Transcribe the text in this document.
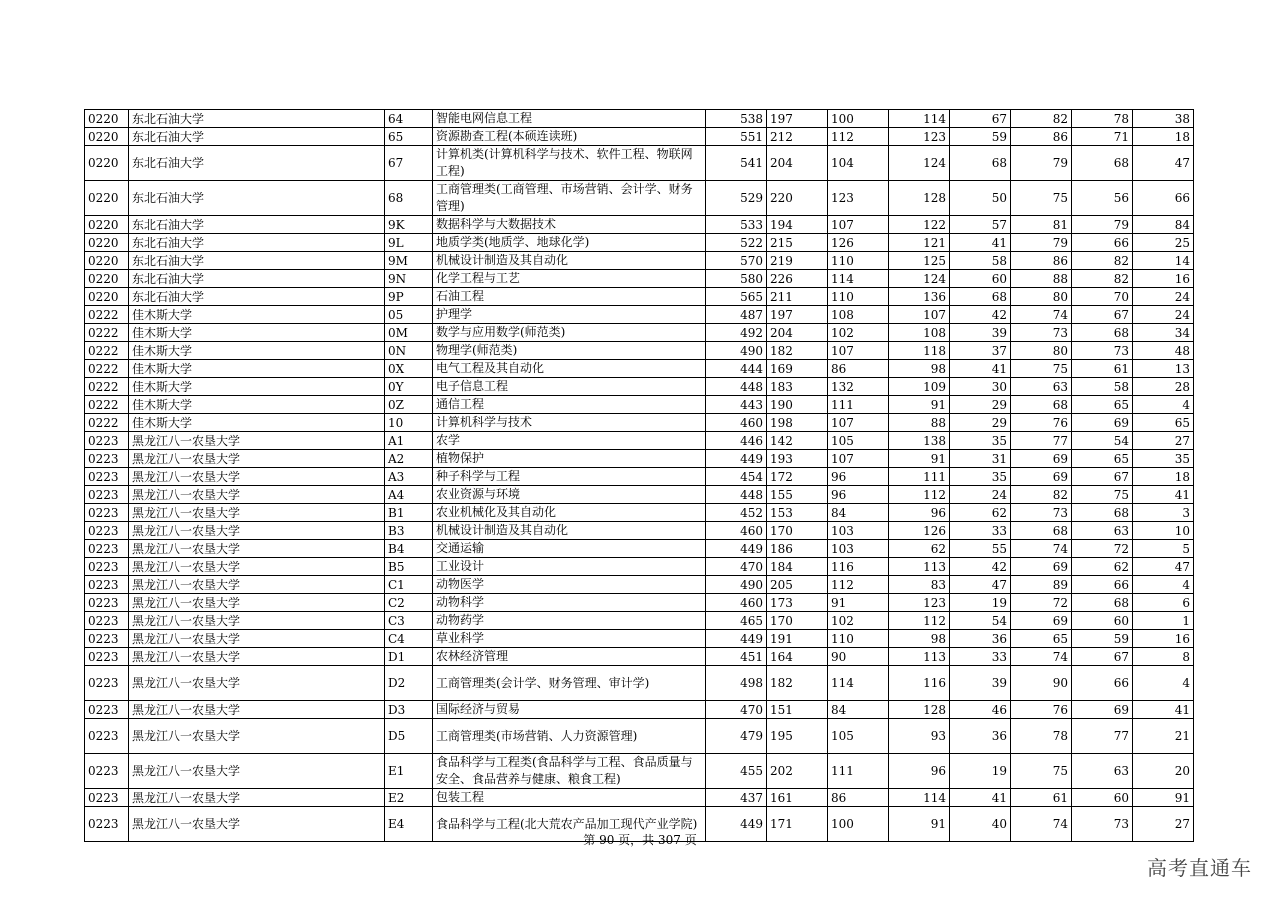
0220	东北石油大学	64	智能电网信息工程	538	197	100	114	67	82	78	38
0220	东北石油大学	65	资源勘查工程(本硕连读班)	551	212	112	123	59	86	71	18
0220	东北石油大学	67	计算机类(计算机科学与技术、软件工程、物联网工程)	541	204	104	124	68	79	68	47
0220	东北石油大学	68	工商管理类(工商管理、市场营销、会计学、财务管理)	529	220	123	128	50	75	56	66
0220	东北石油大学	9K	数据科学与大数据技术	533	194	107	122	57	81	79	84
0220	东北石油大学	9L	地质学类(地质学、地球化学)	522	215	126	121	41	79	66	25
0220	东北石油大学	9M	机械设计制造及其自动化	570	219	110	125	58	86	82	14
0220	东北石油大学	9N	化学工程与工艺	580	226	114	124	60	88	82	16
0220	东北石油大学	9P	石油工程	565	211	110	136	68	80	70	24
0222	佳木斯大学	05	护理学	487	197	108	107	42	74	67	24
0222	佳木斯大学	0M	数学与应用数学(师范类)	492	204	102	108	39	73	68	34
0222	佳木斯大学	0N	物理学(师范类)	490	182	107	118	37	80	73	48
0222	佳木斯大学	0X	电气工程及其自动化	444	169	86	98	41	75	61	13
0222	佳木斯大学	0Y	电子信息工程	448	183	132	109	30	63	58	28
0222	佳木斯大学	0Z	通信工程	443	190	111	91	29	68	65	4
0222	佳木斯大学	10	计算机科学与技术	460	198	107	88	29	76	69	65
0223	黑龙江八一农垦大学	A1	农学	446	142	105	138	35	77	54	27
0223	黑龙江八一农垦大学	A2	植物保护	449	193	107	91	31	69	65	35
0223	黑龙江八一农垦大学	A3	种子科学与工程	454	172	96	111	35	69	67	18
0223	黑龙江八一农垦大学	A4	农业资源与环境	448	155	96	112	24	82	75	41
0223	黑龙江八一农垦大学	B1	农业机械化及其自动化	452	153	84	96	62	73	68	3
0223	黑龙江八一农垦大学	B3	机械设计制造及其自动化	460	170	103	126	33	68	63	10
0223	黑龙江八一农垦大学	B4	交通运输	449	186	103	62	55	74	72	5
0223	黑龙江八一农垦大学	B5	工业设计	470	184	116	113	42	69	62	47
0223	黑龙江八一农垦大学	C1	动物医学	490	205	112	83	47	89	66	4
0223	黑龙江八一农垦大学	C2	动物科学	460	173	91	123	19	72	68	6
0223	黑龙江八一农垦大学	C3	动物药学	465	170	102	112	54	69	60	1
0223	黑龙江八一农垦大学	C4	草业科学	449	191	110	98	36	65	59	16
0223	黑龙江八一农垦大学	D1	农林经济管理	451	164	90	113	33	74	67	8
0223	黑龙江八一农垦大学	D2	工商管理类(会计学、财务管理、审计学)	498	182	114	116	39	90	66	4
0223	黑龙江八一农垦大学	D3	国际经济与贸易	470	151	84	128	46	76	69	41
0223	黑龙江八一农垦大学	D5	工商管理类(市场营销、人力资源管理)	479	195	105	93	36	78	77	21
0223	黑龙江八一农垦大学	E1	食品科学与工程类(食品科学与工程、食品质量与安全、食品营养与健康、粮食工程)	455	202	111	96	19	75	63	20
0223	黑龙江八一农垦大学	E2	包装工程	437	161	86	114	41	61	60	91
0223	黑龙江八一农垦大学	E4	食品科学与工程(北大荒农产品加工现代产业学院)	449	171	100	91	40	74	73	27
第 90 页，共 307 页
高考直通车
